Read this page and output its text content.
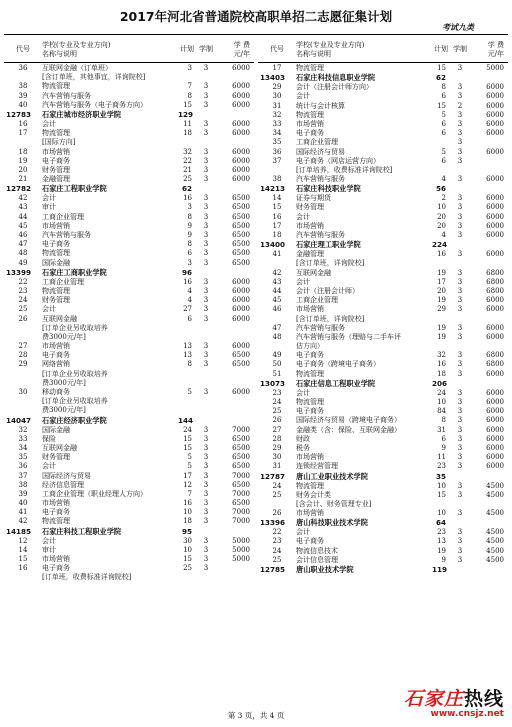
2017年河北省普通院校高职单招二志愿征集计划
考试九类
代号	学校(专业及专业方向)
名称与说明
计划 学制	学 费
元/年
36	互联网金融（订单班）	3	3	6000
[含订单班，其他事宜，详询院校]
38	物流管理	7	3	6000
39	汽车营销与服务	8	3	6000
40	汽车营销与服务（电子商务方向）	15	3	6000
12783	石家庄城市经济职业学院	129
16	会计	11	3	6000
17	物流管理	18	3	6000
[国际方向]
18	市场营销	32	3	6000
19	电子商务	22	3	6000
20	财务管理	21	3	6000
21	金融管理	25	3	6000
12782	石家庄工程职业学院	62
42	会计	16	3	6500
43	审计	3	3	6500
44	工商企业管理	8	3	6500
45	市场营销	9	3	6500
46	汽车营销与服务	9	3	6500
47	电子商务	8	3	6500
48	物流管理	6	3	6500
49	国际金融	3	3	6500
13399	石家庄工商职业学院	96
22	工商企业管理	16	3	6000
23	物流管理	4	3	6000
24	财务管理	4	3	6000
25	会计	27	3	6000
26	互联网金融	6	3	6000
[订单企业另收取培养
费3000元/年]
27	市场营销	13	3	6000
28	电子商务	13	3	6500
29	网络营销	8	3	6500
[订单企业另收取培养
费3000元/年]
30	移动商务	5	3	6000
[订单企业另收取培养
费3000元/年]
14047	石家庄经济职业学院	144
32	国际金融	24	3	7000
33	保险	15	3	6500
34	互联网金融	15	3	6500
35	财务管理	5	3	6500
36	会计	5	3	6500
37	国际经济与贸易	17	3	7000
38	经济信息管理	12	3	6500
39	工商企业管理（职业经理人方向）	7	3	7000
40	市场营销	16	3	6500
41	电子商务	10	3	7000
42	物流管理	18	3	7000
14185	石家庄科技工程职业学院	95
12	会计	30	3	5000
14	审计	10	3	5000
15	市场营销	15	3	5000
16	电子商务	25	3
[订单班，收费标准详询院校]
代号	学校(专业及专业方向)
名称与说明
计划 学制	学 费
元/年
17	物流管理	15	3	5000
13403	石家庄科技信息职业学院	62
29	会计（注册会计师方向）	8	3	6000
30	会计	6	3	6000
31	统计与会计核算	15	2	6000
32	物流管理	5	3	6000
33	市场营销	6	3	6000
34	电子商务	6	3	6000
35	工商企业管理	3
36	国际经济与贸易	5	3	6000
37	电子商务（网店运营方向）	6	3
[订单培养，收费标准详询院校]
38	汽车营销与服务	4	3	6000
14213	石家庄科技职业学院	56
14	证券与期货	2	3	6000
15	财务管理	10	3	6000
16	会计	20	3	6000
17	市场营销	20	3	6000
18	汽车营销与服务	4	3	6000
13400	石家庄理工职业学院	224
41	金融管理	16	3	6000
[含订单班，详询院校]
42	互联网金融	19	3	6800
43	会计	17	3	6800
44	会计（注册会计师）	20	3	6800
45	工商企业管理	19	3	6000
46	市场营销	29	3	6000
[含订单班，详询院校]
47	汽车营销与服务	19	3	6000
48	汽车营销与服务（理赔与二手车评	19	3	6000
估方向）
49	电子商务	32	3	6800
50	电子商务（跨境电子商务）	16	3	6800
51	物流管理	18	3	6000
13073	石家庄信息工程职业学院	206
23	会计	24	3	6000
24	物流管理	10	3	6000
25	电子商务	84	3	6000
26	国际经济与贸易（跨境电子商务）	8	3	6000
27	金融类（含：保险、互联网金融）	31	3	6000
28	财政	6	3	6000
29	税务	9	3	6000
30	市场营销	11	3	6000
31	连锁经营管理	23	3	6000
12787	唐山工业职业技术学院	35
24	物流管理	10	3	4500
25	财务会计类	15	3	4500
[含会计、财务管理专业]
26	市场营销	10	3	4500
13396	唐山科技职业技术学院	64
22	会计	23	3	4500
23	电子商务	13	3	4500
24	物流信息技术	19	3	4500
25	会计信息管理	9	3	4500
12785	唐山职业技术学院	119
第 3 页，共 4 页
石家庄热线
www.cnsjz.net
